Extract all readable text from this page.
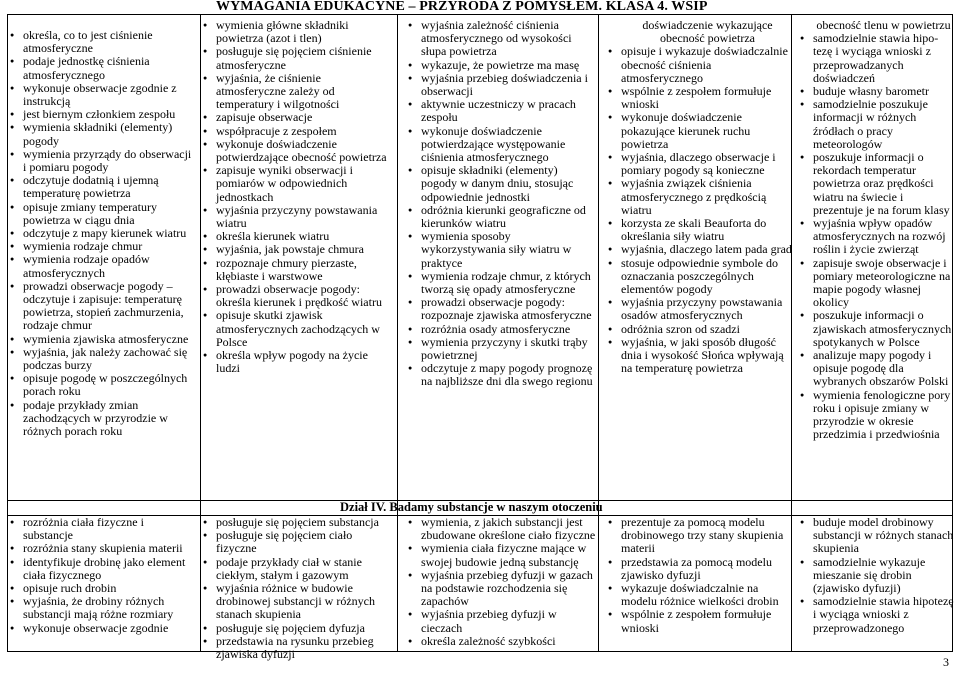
WYMAGANIA EDUKACYNE – PRZYRODA Z POMYSŁEM. KLASA 4. WSIP
● określa, co to jest ciśnienie atmosferyczne
● podaje jednostkę ciśnienia atmosferycznego
● wykonuje obserwacje zgodnie z instrukcją
● jest biernym członkiem zespołu
● wymienia składniki (elementy) pogody
● wymienia przyrządy do obserwacji i pomiaru pogody
● odczytuje dodatnią i ujemną temperaturę powietrza
● opisuje zmiany temperatury powietrza w ciągu dnia
● odczytuje z mapy kierunek wiatru
● wymienia rodzaje chmur
● wymienia rodzaje opadów atmosferycznych
● prowadzi obserwacje pogody – odczytuje i zapisuje: temperaturę powietrza, stopień zachmurzenia, rodzaje chmur
● wymienia zjawiska atmosferyczne
● wyjaśnia, jak należy zachować się podczas burzy
● opisuje pogodę w poszczególnych porach roku
● podaje przykłady zmian zachodzących w przyrodzie w różnych porach roku
● wymienia główne składniki powietrza (azot i tlen)
● posługuje się pojęciem ciśnienie atmosferyczne
● wyjaśnia, że ciśnienie atmosferyczne zależy od temperatury i wilgotności
● zapisuje obserwacje
● współpracuje z zespołem
● wykonuje doświadczenie potwierdzające obecność powietrza
● zapisuje wyniki obserwacji i pomiarów w odpowiednich jednostkach
● wyjaśnia przyczyny powstawania wiatru
● określa kierunek wiatru
● wyjaśnia, jak powstaje chmura
● rozpoznaje chmury pierzaste, kłębiaste i warstwowe
● prowadzi obserwacje pogody: określa kierunek i prędkość wiatru
● opisuje skutki zjawisk atmosferycznych zachodzących w Polsce
● określa wpływ pogody na życie ludzi
● wyjaśnia zależność ciśnienia atmosferycznego od wysokości słupa powietrza
● wykazuje, że powietrze ma masę
● wyjaśnia przebieg doświadczenia i obserwacji
● aktywnie uczestniczy w pracach zespołu
● wykonuje doświadczenie potwierdzające występowanie ciśnienia atmosferycznego
● opisuje składniki (elementy) pogody w danym dniu, stosując odpowiednie jednostki
● odróżnia kierunki geograficzne od kierunków wiatru
● wymienia sposoby wykorzystywania siły wiatru w praktyce
● wymienia rodzaje chmur, z których tworzą się opady atmosferyczne
● prowadzi obserwacje pogody: rozpoznaje zjawiska atmosferyczne
● rozróżnia osady atmosferyczne
● wymienia przyczyny i skutki trąby powietrznej
● odczytuje z mapy pogody prognozę na najbliższe dni dla swego regionu
doświadczenie wykazujące obecność powietrza
● opisuje i wykazuje doświadczalnie obecność ciśnienia atmosferycznego
● wspólnie z zespołem formułuje wnioski
● wykonuje doświadczenie pokazujące kierunek ruchu powietrza
● wyjaśnia, dlaczego obserwacje i pomiary pogody są konieczne
● wyjaśnia związek ciśnienia atmosferycznego z prędkością wiatru
● korzysta ze skali Beauforta do określania siły wiatru
● wyjaśnia, dlaczego latem pada grad
● stosuje odpowiednie symbole do oznaczania poszczególnych elementów pogody
● wyjaśnia przyczyny powstawania osadów atmosferycznych
● odróżnia szron od szadzi
● wyjaśnia, w jaki sposób długość dnia i wysokość Słońca wpływają na temperaturę powietrza
obecność tlenu w powietrzu
● samodzielnie stawia hipo-tezę i wyciąga wnioski z przeprowadzanych doświadczeń
● buduje własny barometr
● samodzielnie poszukuje informacji w różnych źródłach o pracy meteorologów
● poszukuje informacji o rekordach temperatur powietrza oraz prędkości wiatru na świecie i prezentuje je na forum klasy
● wyjaśnia wpływ opadów atmosferycznych na rozwój roślin i życie zwierząt
● zapisuje swoje obserwacje i pomiary meteorologiczne na mapie pogody własnej okolicy
● poszukuje informacji o zjawiskach atmosferycznych spotykanych w Polsce
● analizuje mapy pogody i opisuje pogodę dla wybranych obszarów Polski
● wymienia fenologiczne pory roku i opisuje zmiany w przyrodzie w okresie przedzimia i przedwiośnia
Dział IV. Badamy substancje w naszym otoczeniu
● rozróżnia ciała fizyczne i substancje
● rozróżnia stany skupienia materii
● identyfikuje drobinę jako element ciała fizycznego
● opisuje ruch drobin
● wyjaśnia, że drobiny różnych substancji mają różne rozmiary
● wykonuje obserwacje zgodnie
● posługuje się pojęciem substancja
● posługuje się pojęciem ciało fizyczne
● podaje przykłady ciał w stanie ciekłym, stałym i gazowym
● wyjaśnia różnice w budowie drobinowej substancji w różnych stanach skupienia
● posługuje się pojęciem dyfuzja
● przedstawia na rysunku przebieg zjawiska dyfuzji
● wymienia, z jakich substancji jest zbudowane określone ciało fizyczne
● wymienia ciała fizyczne mające w swojej budowie jedną substancję
● wyjaśnia przebieg dyfuzji w gazach na podstawie rozchodzenia się zapachów
● wyjaśnia przebieg dyfuzji w cieczach
● określa zależność szybkości
● prezentuje za pomocą modelu drobinowego trzy stany skupienia materii
● przedstawia za pomocą modelu zjawisko dyfuzji
● wykazuje doświadczalnie na modelu różnice wielkości drobin
● wspólnie z zespołem formułuje wnioski
● buduje model drobinowy substancji w różnych stanach skupienia
● samodzielnie wykazuje mieszanie się drobin (zjawisko dyfuzji)
● samodzielnie stawia hipotezę i wyciąga wnioski z przeprowadzonego
3
